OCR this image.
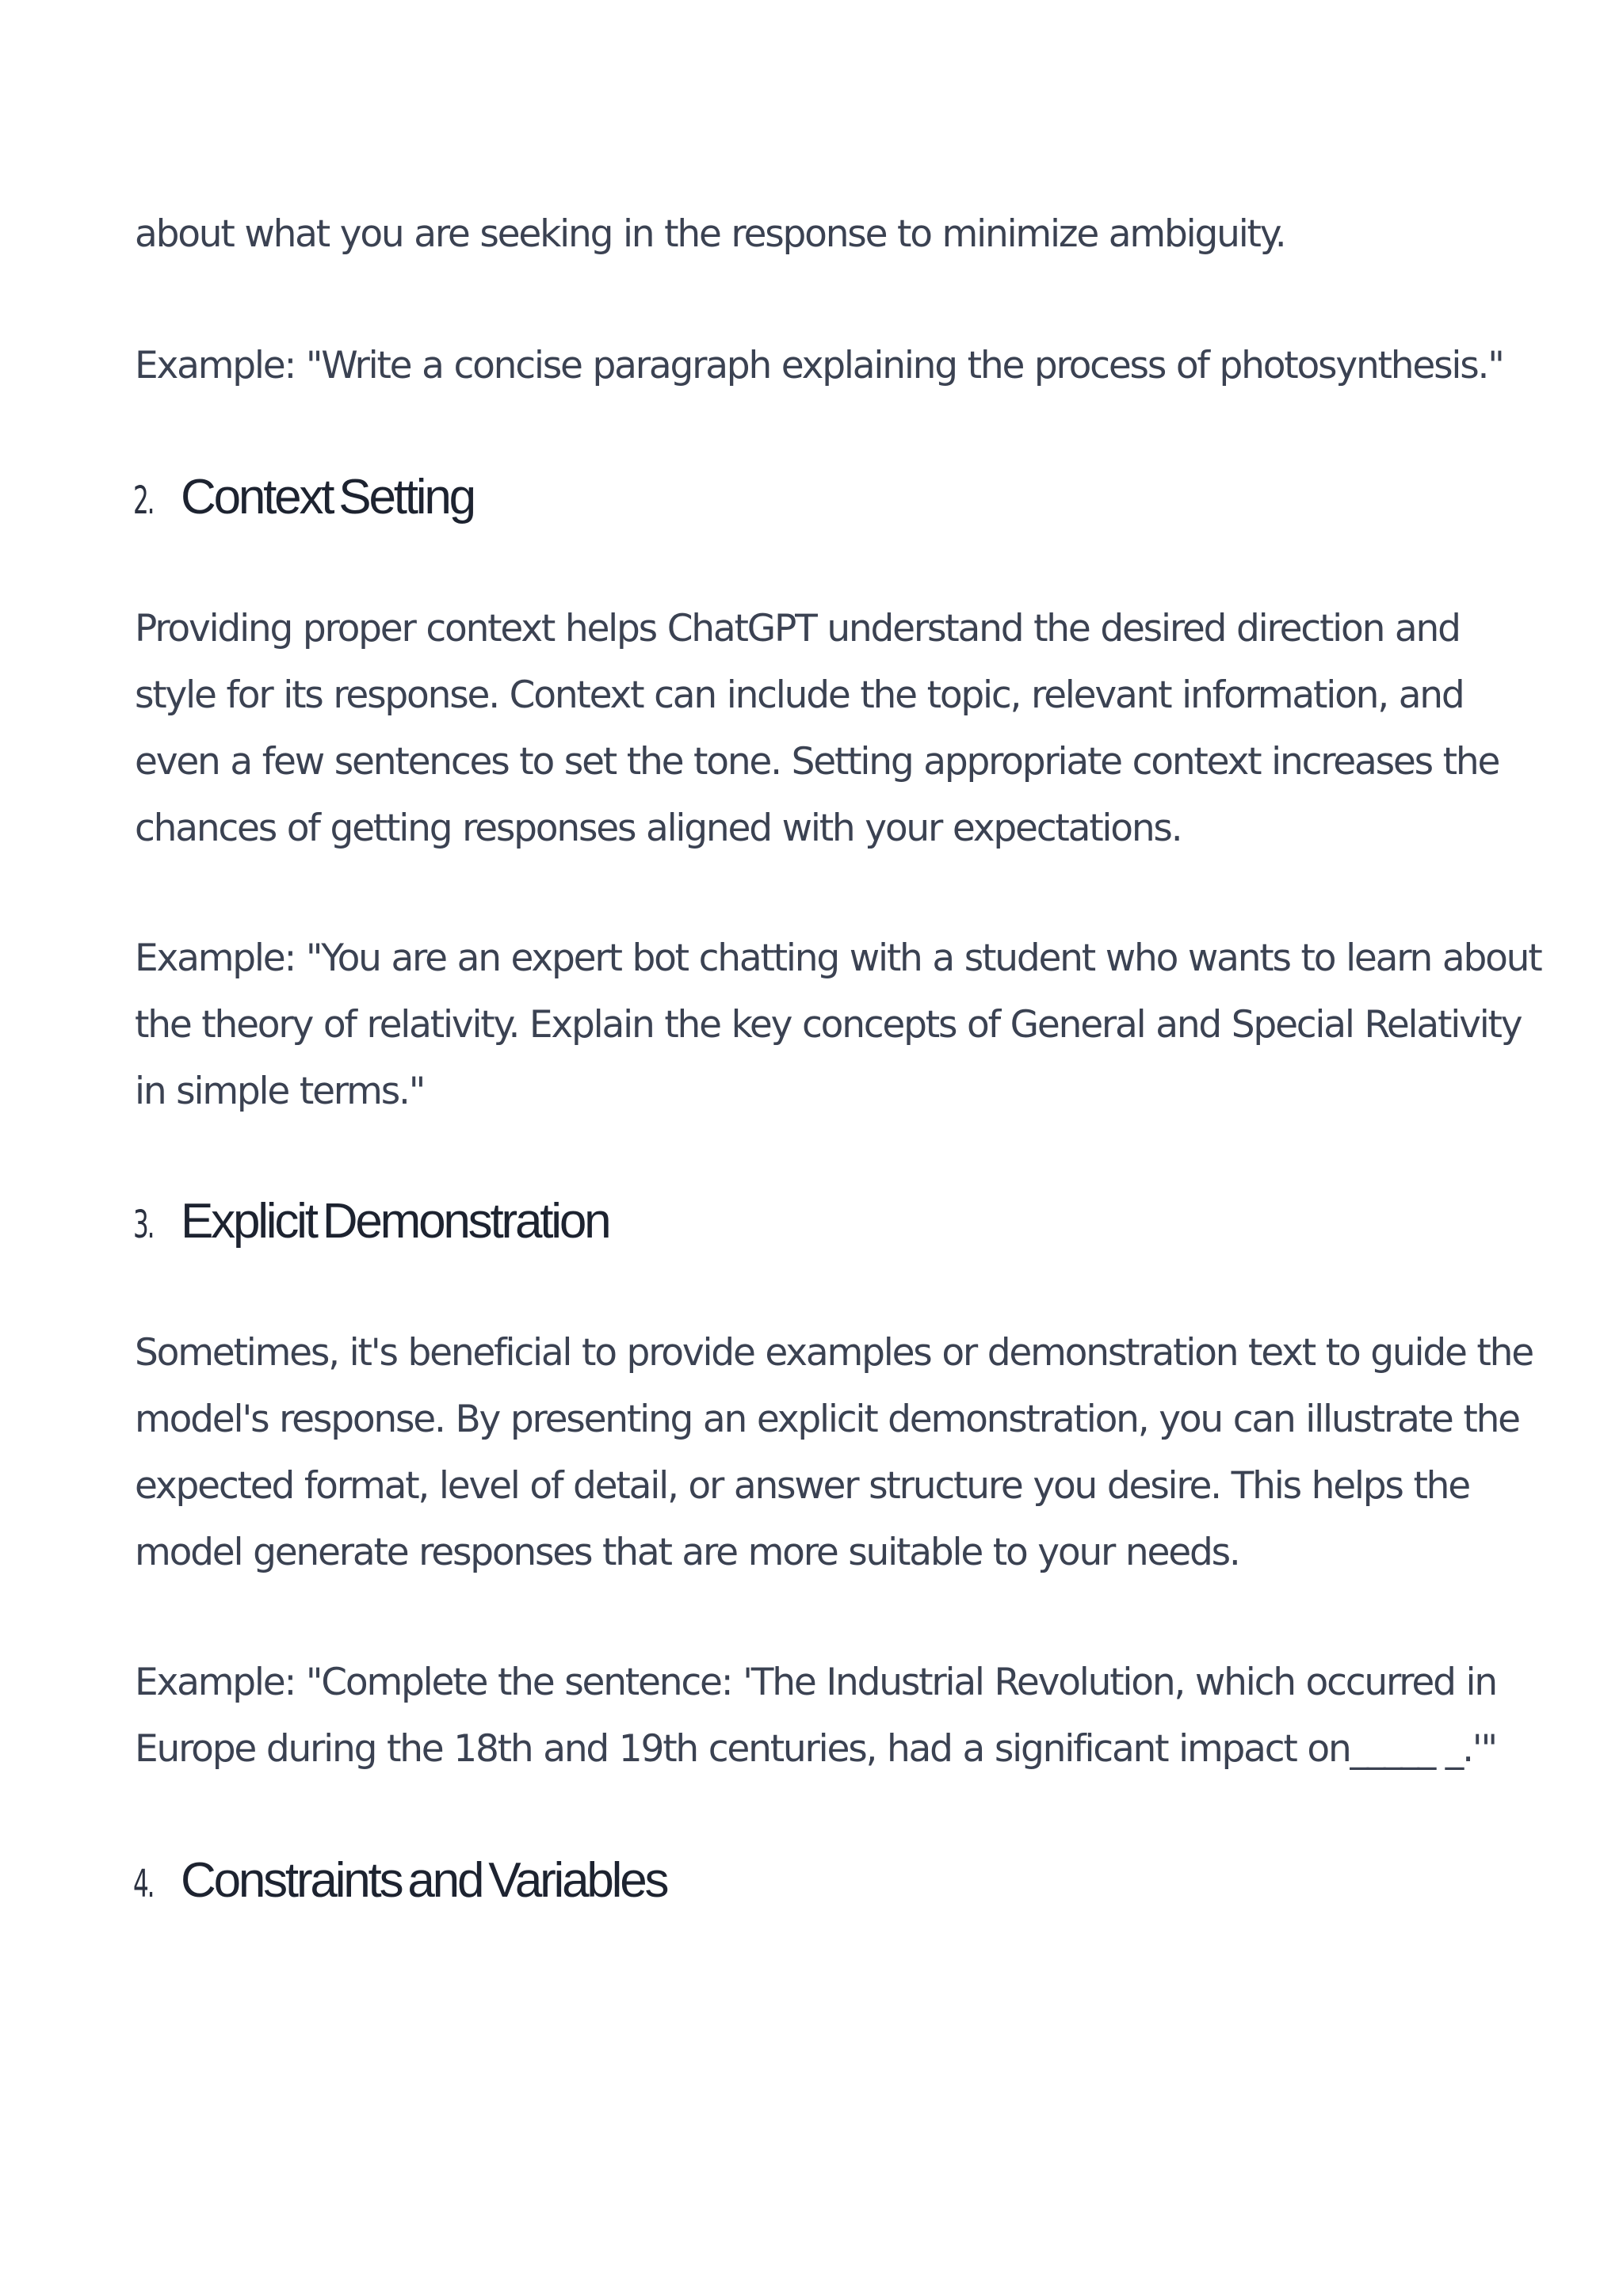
about what you are seeking in the response to minimize ambiguity.

Example: "Write a concise paragraph explaining the process of photosynthesis."

2. Context Setting
Providing proper context helps ChatGPT understand the desired direction and
style for its response. Context can include the topic, relevant information, and
even a few sentences to set the tone. Setting appropriate context increases the
chances of getting responses aligned with your expectations.
Example: "You are an expert bot chatting with a student who wants to learn about
the theory of relativity. Explain the key concepts of General and Special Relativity
in simple terms."
3. Explicit Demonstration
Sometimes, it's beneficial to provide examples or demonstration text to guide the
model's response. By presenting an explicit demonstration, you can illustrate the
expected format, level of detail, or answer structure you desire. This helps the
model generate responses that are more suitable to your needs.
Example: "Complete the sentence: 'The Industrial Revolution, which occurred in
Europe during the 18th and 19th centuries, had a significant impact on_____ _.'"
4. Constraints and Variables
